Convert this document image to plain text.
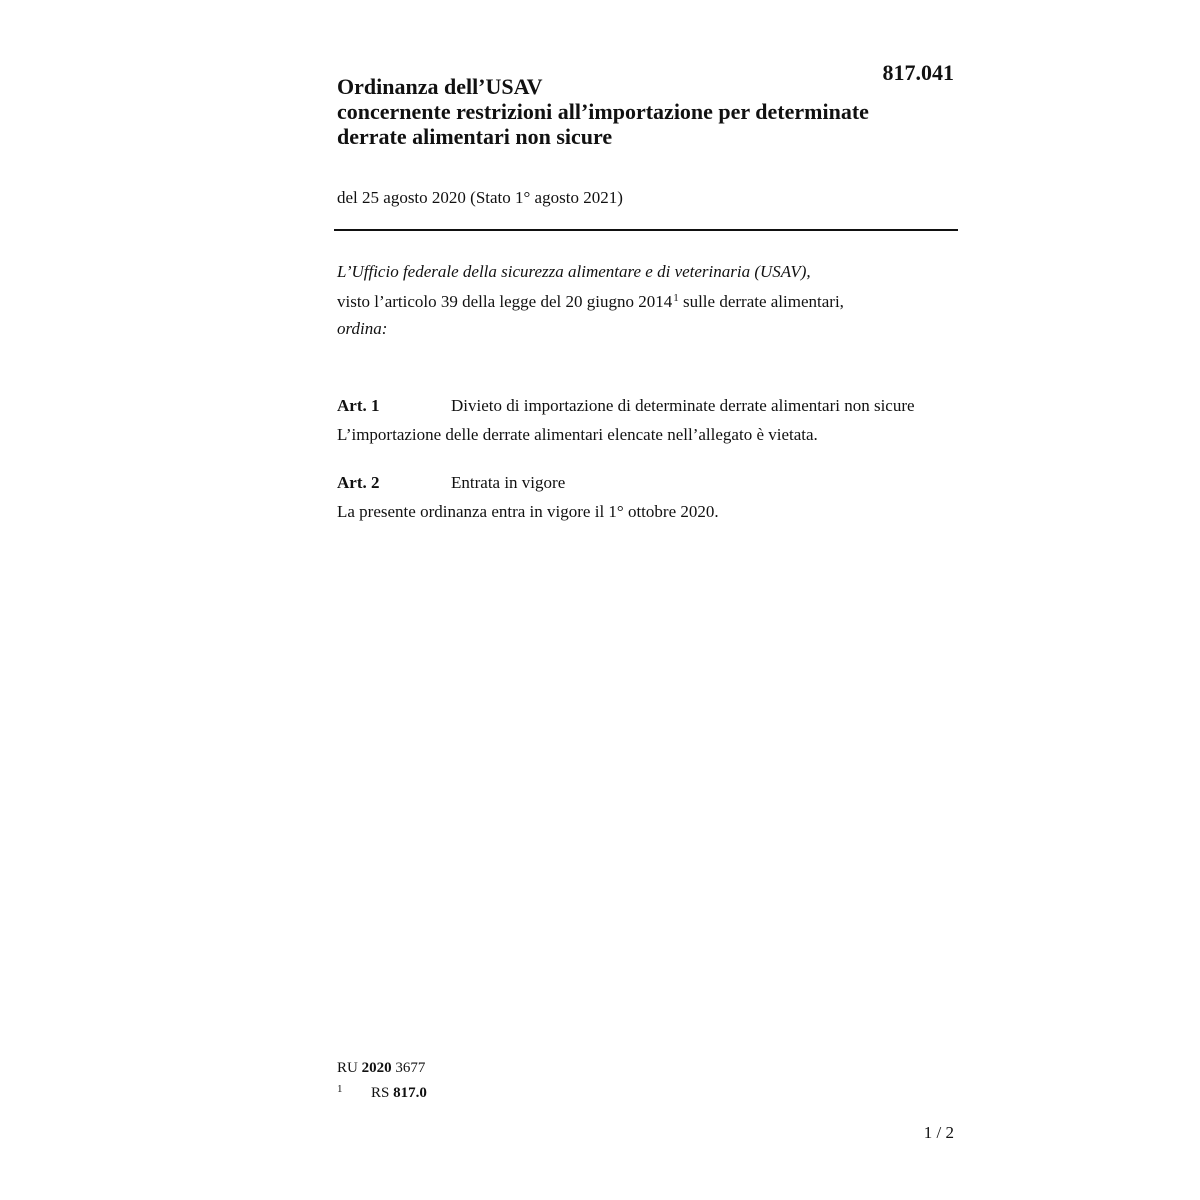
817.041
Ordinanza dell’USAV
concernente restrizioni all’importazione per determinate
derrate alimentari non sicure
del 25 agosto 2020 (Stato 1° agosto 2021)
L’Ufficio federale della sicurezza alimentare e di veterinaria (USAV),
visto l’articolo 39 della legge del 20 giugno 2014$^1$ sulle derrate alimentari,
ordina:
Art. 1	Divieto di importazione di determinate derrate alimentari non sicure
L’importazione delle derrate alimentari elencate nell’allegato è vietata.
Art. 2	Entrata in vigore
La presente ordinanza entra in vigore il 1° ottobre 2020.
RU 2020 3677
1 RS 817.0
1 / 2
